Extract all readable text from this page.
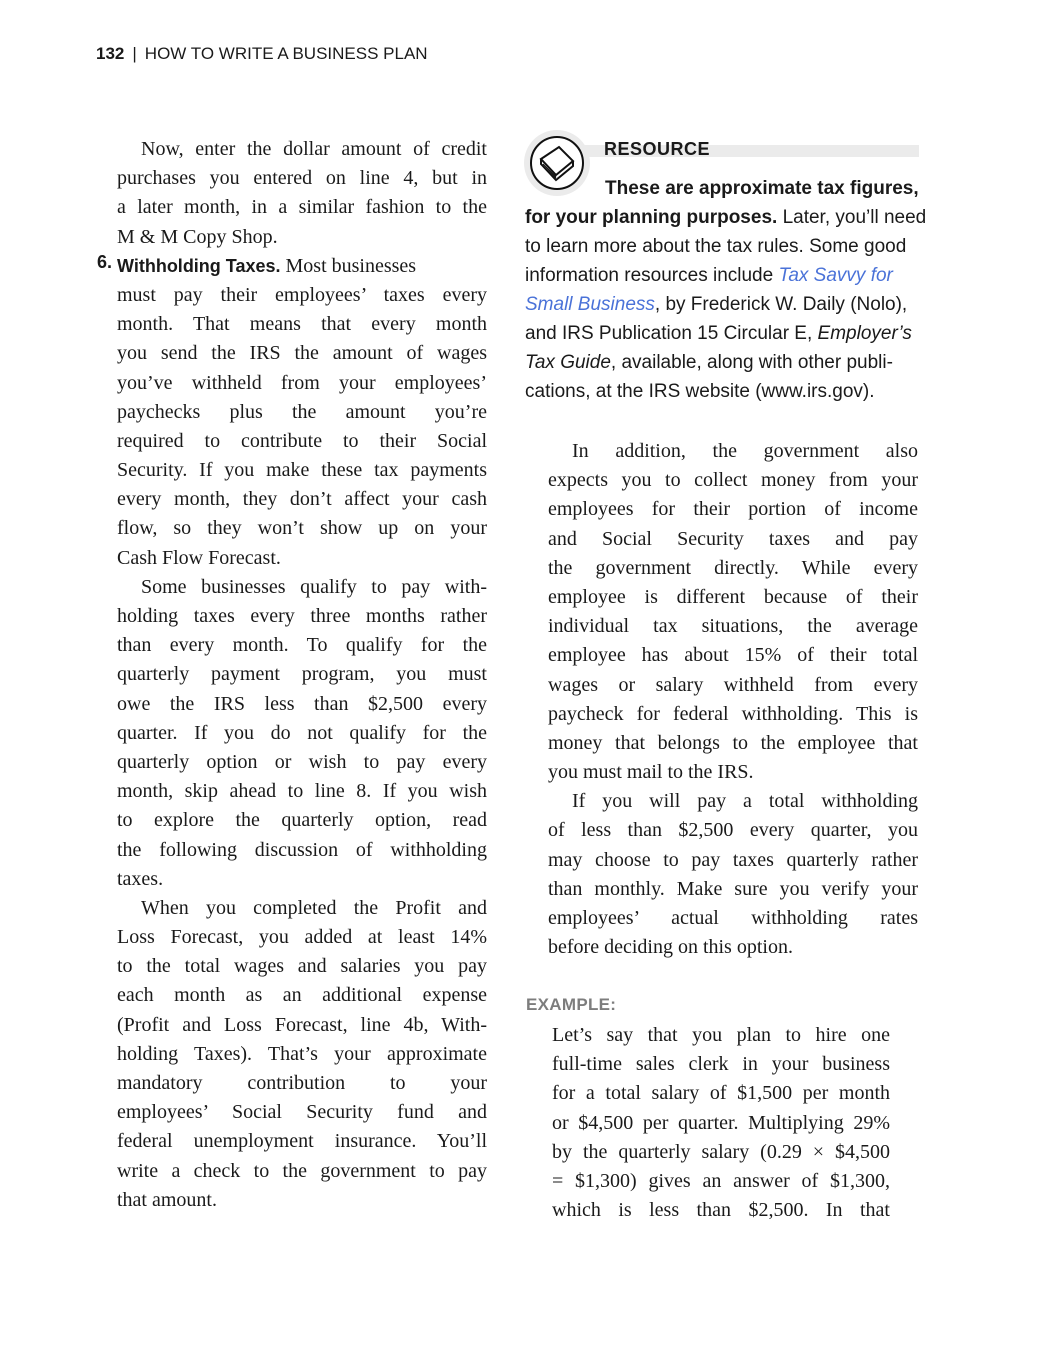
132 | HOW TO WRITE A BUSINESS PLAN
Now, enter the dollar amount of credit
purchases you entered on line 4, but in
a later month, in a similar fashion to the
M & M Copy Shop.
6. Withholding Taxes. Most businesses
must pay their employees’ taxes every
month. That means that every month
you send the IRS the amount of wages
you’ve withheld from your employees’
paychecks plus the amount you’re
required to contribute to their Social
Security. If you make these tax payments
every month, they don’t affect your cash
flow, so they won’t show up on your
Cash Flow Forecast.
Some businesses qualify to pay with-
holding taxes every three months rather
than every month. To qualify for the
quarterly payment program, you must
owe the IRS less than $2,500 every
quarter. If you do not qualify for the
quarterly option or wish to pay every
month, skip ahead to line 8. If you wish
to explore the quarterly option, read
the following discussion of withholding
taxes.
When you completed the Profit and
Loss Forecast, you added at least 14%
to the total wages and salaries you pay
each month as an additional expense
(Profit and Loss Forecast, line 4b, With-
holding Taxes). That’s your approximate
mandatory contribution to your
employees’ Social Security fund and
federal unemployment insurance. You’ll
write a check to the government to pay
that amount.
RESOURCE
These are approximate tax figures,
for your planning purposes. Later, you’ll need
to learn more about the tax rules. Some good
information resources include Tax Savvy for
Small Business, by Frederick W. Daily (Nolo),
and IRS Publication 15 Circular E, Employer’s
Tax Guide, available, along with other publi-
cations, at the IRS website (www.irs.gov).
In addition, the government also
expects you to collect money from your
employees for their portion of income
and Social Security taxes and pay
the government directly. While every
employee is different because of their
individual tax situations, the average
employee has about 15% of their total
wages or salary withheld from every
paycheck for federal withholding. This is
money that belongs to the employee that
you must mail to the IRS.
If you will pay a total withholding
of less than $2,500 every quarter, you
may choose to pay taxes quarterly rather
than monthly. Make sure you verify your
employees’ actual withholding rates
before deciding on this option.
EXAMPLE:
Let’s say that you plan to hire one
full-time sales clerk in your business
for a total salary of $1,500 per month
or $4,500 per quarter. Multiplying 29%
by the quarterly salary (0.29 × $4,500
= $1,300) gives an answer of $1,300,
which is less than $2,500. In that
